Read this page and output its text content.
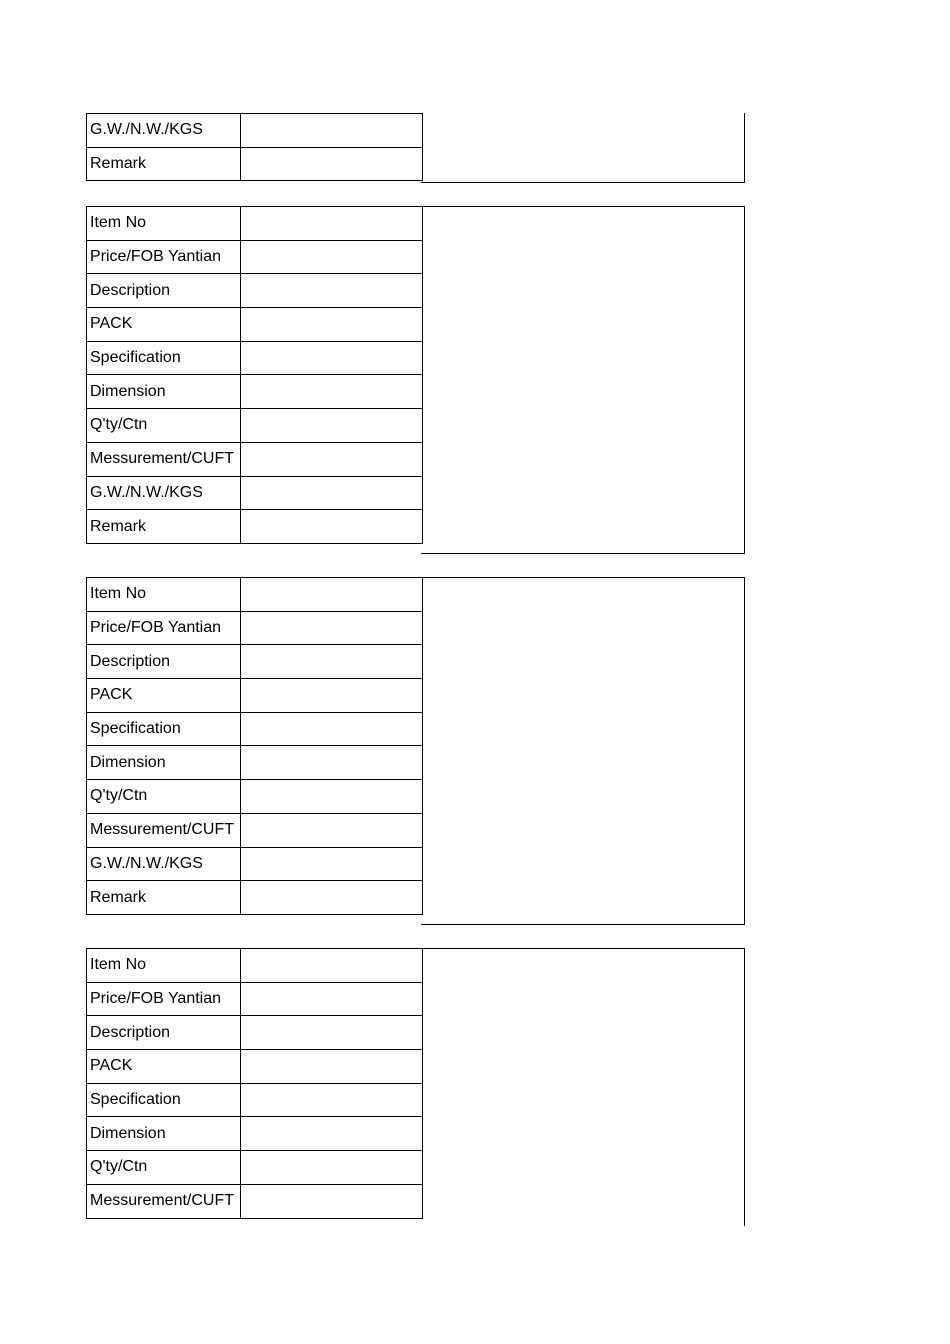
G.W./N.W./KGS	
Remark	
Item No	
Price/FOB Yantian	
Description	
PACK	
Specification	
Dimension	
Q'ty/Ctn	
Messurement/CUFT	
G.W./N.W./KGS	
Remark	
Item No	
Price/FOB Yantian	
Description	
PACK	
Specification	
Dimension	
Q'ty/Ctn	
Messurement/CUFT	
G.W./N.W./KGS	
Remark	
Item No	
Price/FOB Yantian	
Description	
PACK	
Specification	
Dimension	
Q'ty/Ctn	
Messurement/CUFT	
